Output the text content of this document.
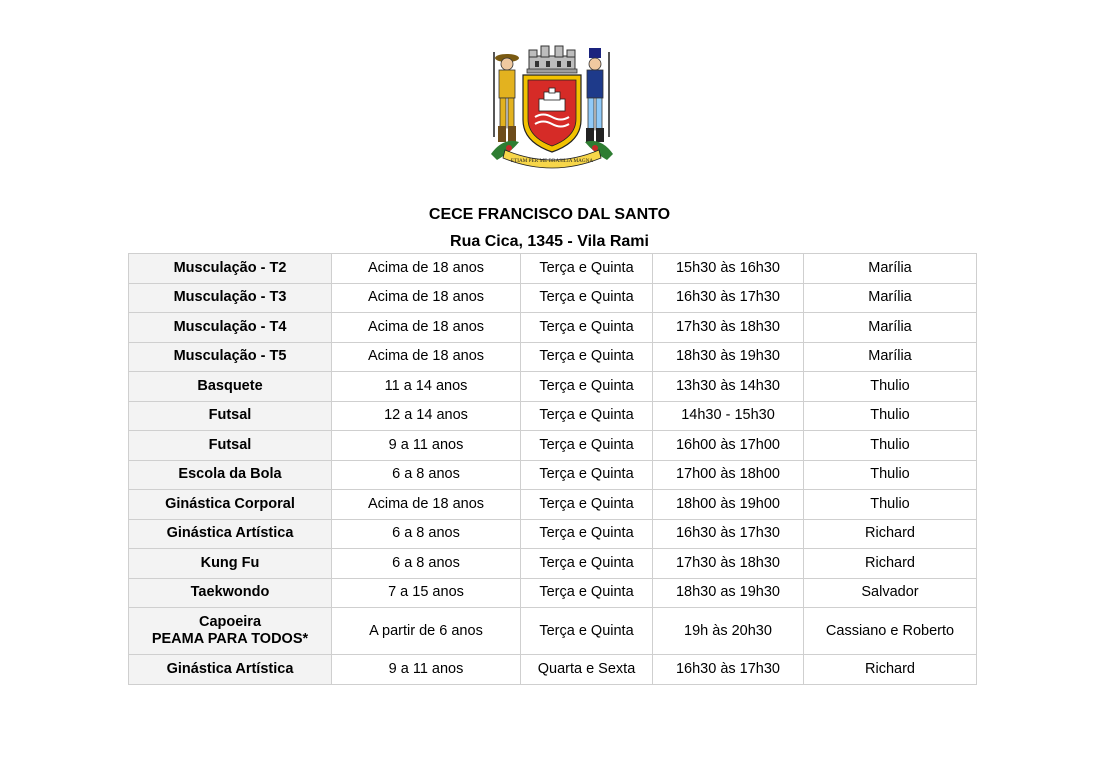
ETIAM PER ME BRASILIA MAGNA
CECE FRANCISCO DAL SANTO
Rua Cica, 1345 - Vila Rami
Musculação - T2	Acima de 18 anos	Terça e Quinta	15h30 às 16h30	Marília
Musculação - T3	Acima de 18 anos	Terça e Quinta	16h30 às 17h30	Marília
Musculação - T4	Acima de 18 anos	Terça e Quinta	17h30 às 18h30	Marília
Musculação - T5	Acima de 18 anos	Terça e Quinta	18h30 às 19h30	Marília
Basquete	11 a 14 anos	Terça e Quinta	13h30 às 14h30	Thulio
Futsal	12 a 14 anos	Terça e Quinta	14h30 - 15h30	Thulio
Futsal	9 a 11 anos	Terça e Quinta	16h00 às 17h00	Thulio
Escola da Bola	6 a 8 anos	Terça e Quinta	17h00 às 18h00	Thulio
Ginástica Corporal	Acima de 18 anos	Terça e Quinta	18h00 às 19h00	Thulio
Ginástica Artística	6 a 8 anos	Terça e Quinta	16h30 às 17h30	Richard
Kung Fu	6 a 8 anos	Terça e Quinta	17h30 às 18h30	Richard
Taekwondo	7 a 15 anos	Terça e Quinta	18h30 as 19h30	Salvador

Capoeira
PEAMA PARA TODOS*	A partir de 6 anos	Terça e Quinta	19h às 20h30	Cassiano e Roberto
Ginástica Artística	9 a 11 anos	Quarta e Sexta	16h30 às 17h30	Richard
